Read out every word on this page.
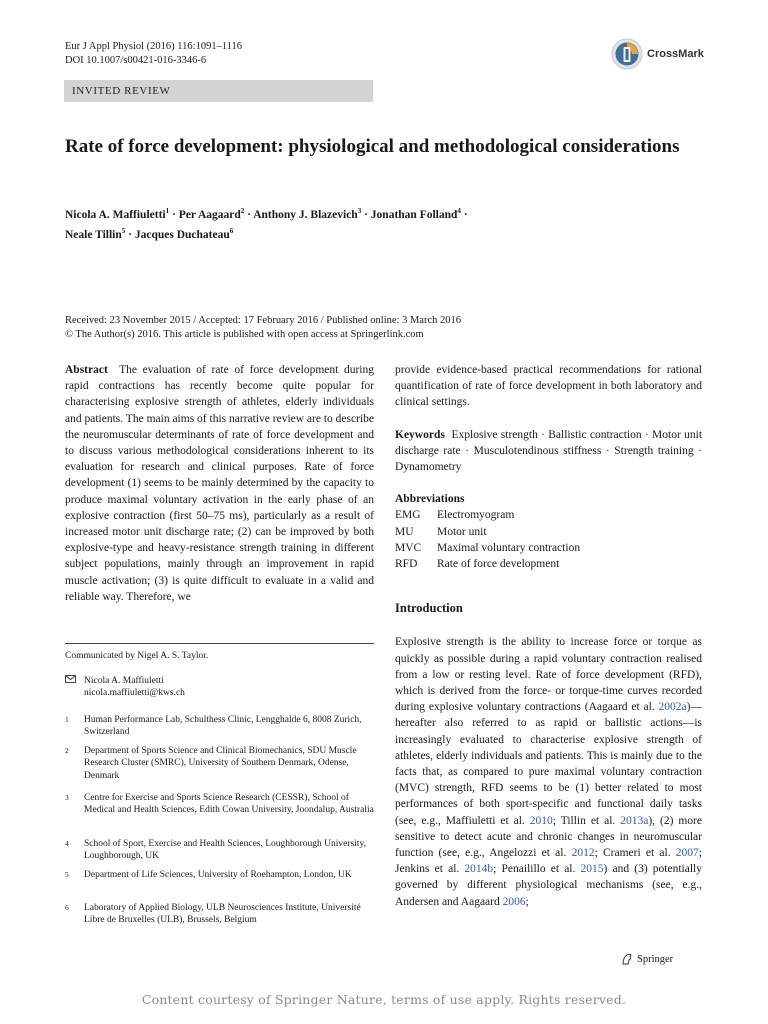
Eur J Appl Physiol (2016) 116:1091–1116
DOI 10.1007/s00421-016-3346-6
CrossMark
INVITED REVIEW
Rate of force development: physiological and methodological considerations
Nicola A. Maffiuletti$^1$ · Per Aagaard$^2$ · Anthony J. Blazevich$^3$ · Jonathan Folland$^4$ ·
Neale Tillin$^5$ · Jacques Duchateau$^6$
Received: 23 November 2015 / Accepted: 17 February 2016 / Published online: 3 March 2016
© The Author(s) 2016. This article is published with open access at Springerlink.com
Abstract The evaluation of rate of force development during rapid contractions has recently become quite popular for characterising explosive strength of athletes, elderly individuals and patients. The main aims of this narrative review are to describe the neuromuscular determinants of rate of force development and to discuss various methodological considerations inherent to its evaluation for research and clinical purposes. Rate of force development (1) seems to be mainly determined by the capacity to produce maximal voluntary activation in the early phase of an explosive contraction (first 50–75 ms), particularly as a result of increased motor unit discharge rate; (2) can be improved by both explosive-type and heavy-resistance strength training in different subject populations, mainly through an improvement in rapid muscle activation; (3) is quite difficult to evaluate in a valid and reliable way. Therefore, we
Communicated by Nigel A. S. Taylor.
Nicola A. Maffiuletti
nicola.maffiuletti@kws.ch
1	Human Performance Lab, Schulthess Clinic, Lengghalde 6, 8008 Zurich, Switzerland
2	Department of Sports Science and Clinical Biomechanics, SDU Muscle Research Cluster (SMRC), University of Southern Denmark, Odense, Denmark
3	Centre for Exercise and Sports Science Research (CESSR), School of Medical and Health Sciences, Edith Cowan University, Joondalup, Australia
4	School of Sport, Exercise and Health Sciences, Loughborough University, Loughborough, UK
5	Department of Life Sciences, University of Roehampton, London, UK
6	Laboratory of Applied Biology, ULB Neurosciences Institute, Université Libre de Bruxelles (ULB), Brussels, Belgium
provide evidence-based practical recommendations for rational quantification of rate of force development in both laboratory and clinical settings.
Keywords Explosive strength · Ballistic contraction · Motor unit discharge rate · Musculotendinous stiffness · Strength training · Dynamometry
Abbreviations
EMG	Electromyogram
MU	Motor unit
MVC	Maximal voluntary contraction
RFD	Rate of force development
Introduction
Explosive strength is the ability to increase force or torque as quickly as possible during a rapid voluntary contraction realised from a low or resting level. Rate of force development (RFD), which is derived from the force- or torque-time curves recorded during explosive voluntary contractions (Aagaard et al. 2002a)—hereafter also referred to as rapid or ballistic actions—is increasingly evaluated to characterise explosive strength of athletes, elderly individuals and patients. This is mainly due to the facts that, as compared to pure maximal voluntary contraction (MVC) strength, RFD seems to be (1) better related to most performances of both sport-specific and functional daily tasks (see, e.g., Maffiuletti et al. 2010; Tillin et al. 2013a), (2) more sensitive to detect acute and chronic changes in neuromuscular function (see, e.g., Angelozzi et al. 2012; Crameri et al. 2007; Jenkins et al. 2014b; Penailillo et al. 2015) and (3) potentially governed by different physiological mechanisms (see, e.g., Andersen and Aagaard 2006;
Springer
Content courtesy of Springer Nature, terms of use apply. Rights reserved.
